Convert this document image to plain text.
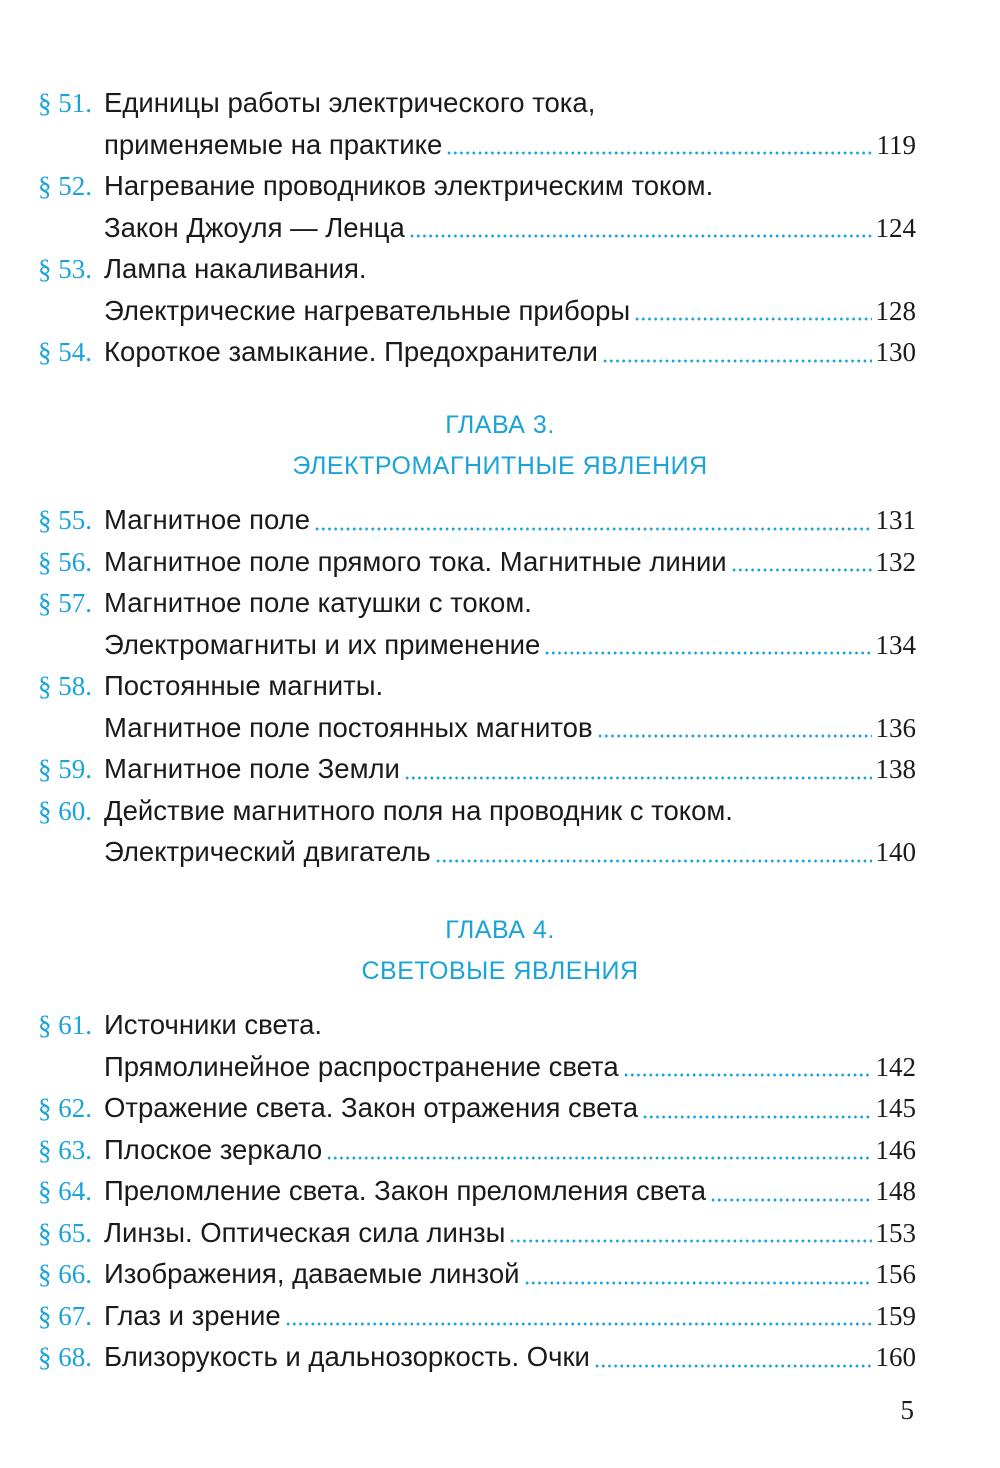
§ 51. Единицы работы электрического тока,
применяемые на практике	119
§ 52. Нагревание проводников электрическим током.
Закон Джоуля — Ленца	124
§ 53. Лампа накаливания.
Электрические нагревательные приборы	128
§ 54. Короткое замыкание. Предохранители	130
§ 55. Магнитное поле	131
§ 56. Магнитное поле прямого тока. Магнитные линии	132
§ 57. Магнитное поле катушки с током.
Электромагниты и их применение	134
§ 58. Постоянные магниты.
Магнитное поле постоянных магнитов	136
§ 59. Магнитное поле Земли	138
§ 60. Действие магнитного поля на проводник с током.
Электрический двигатель	140
§ 61. Источники света.
Прямолинейное распространение света	142
§ 62. Отражение света. Закон отражения света	145
§ 63. Плоское зеркало	146
§ 64. Преломление света. Закон преломления света	148
§ 65. Линзы. Оптическая сила линзы	153
§ 66. Изображения, даваемые линзой	156
§ 67. Глаз и зрение	159
§ 68. Близорукость и дальнозоркость. Очки	160
ГЛАВА 3.
ЭЛЕКТРОМАГНИТНЫЕ ЯВЛЕНИЯ
ГЛАВА 4.
СВЕТОВЫЕ ЯВЛЕНИЯ
5
